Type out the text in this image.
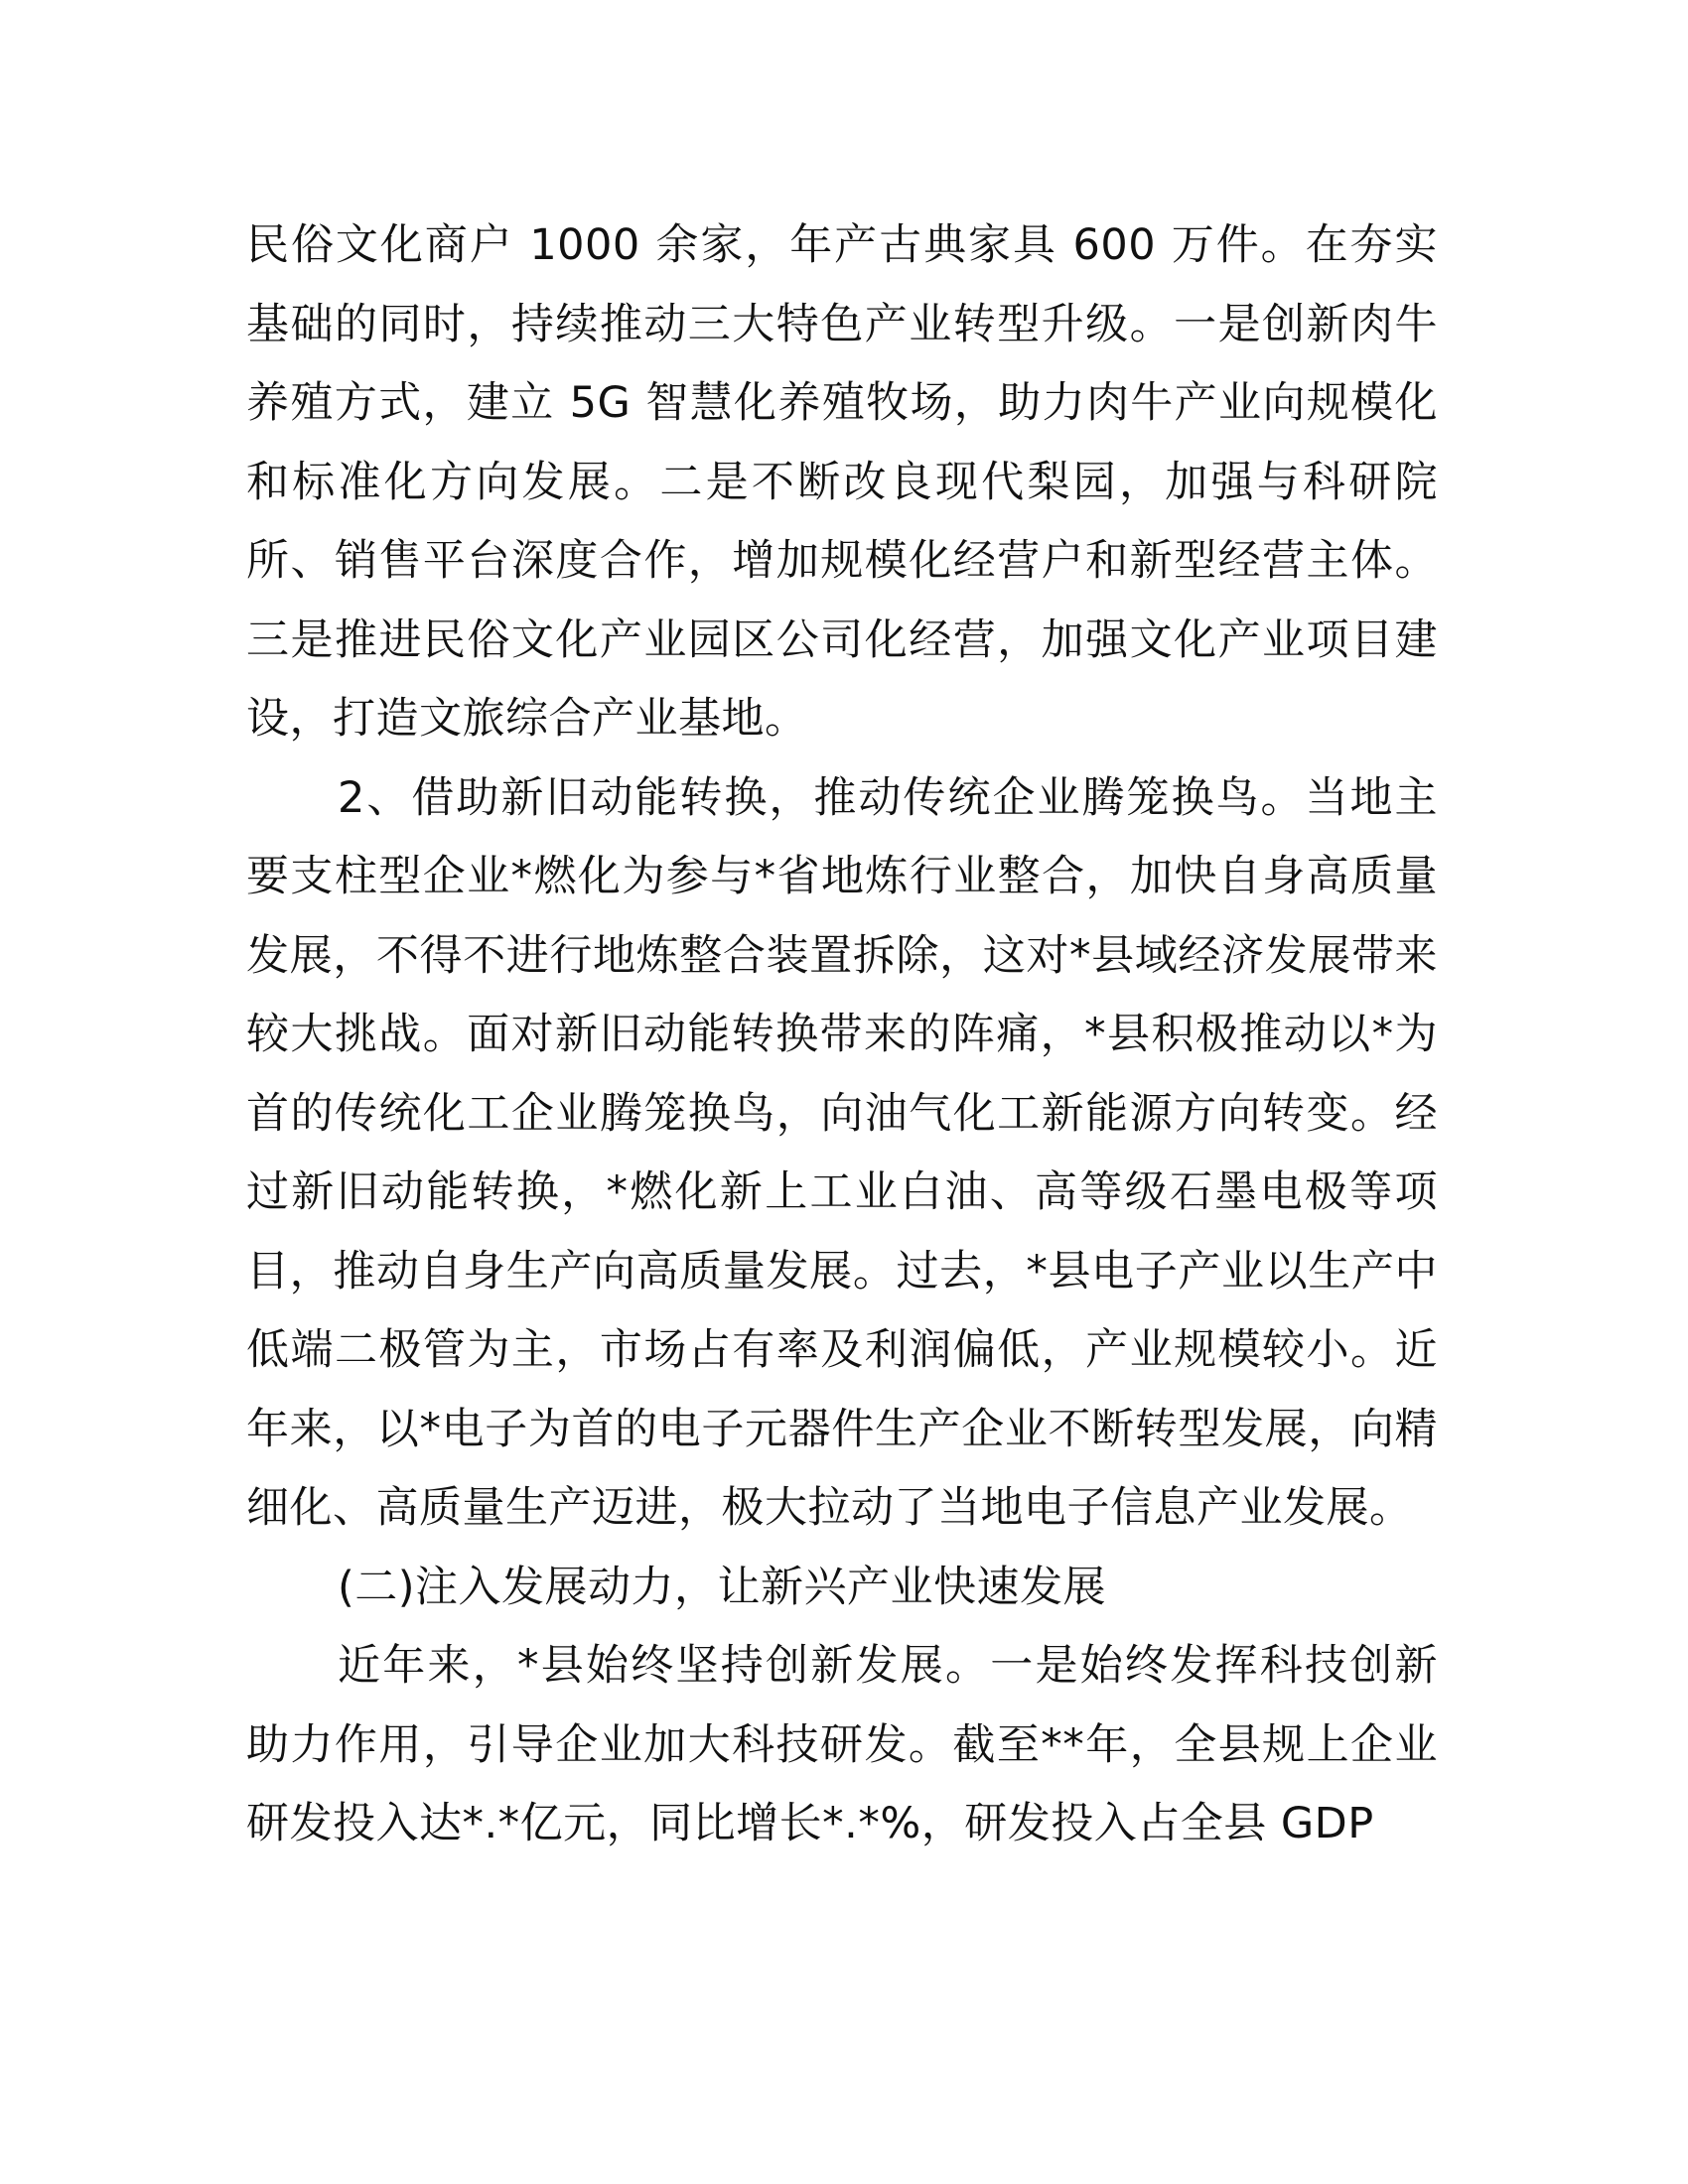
民俗文化商户 1000 余家，年产古典家具 600 万件。在夯实基础的同时，持续推动三大特色产业转型升级。一是创新肉牛养殖方式，建立 5G 智慧化养殖牧场，助力肉牛产业向规模化和标准化方向发展。二是不断改良现代梨园，加强与科研院所、销售平台深度合作，增加规模化经营户和新型经营主体。三是推进民俗文化产业园区公司化经营，加强文化产业项目建设，打造文旅综合产业基地。

2、借助新旧动能转换，推动传统企业腾笼换鸟。当地主要支柱型企业*燃化为参与*省地炼行业整合，加快自身高质量发展，不得不进行地炼整合装置拆除，这对*县域经济发展带来较大挑战。面对新旧动能转换带来的阵痛，*县积极推动以*为首的传统化工企业腾笼换鸟，向油气化工新能源方向转变。经过新旧动能转换，*燃化新上工业白油、高等级石墨电极等项目，推动自身生产向高质量发展。过去，*县电子产业以生产中低端二极管为主，市场占有率及利润偏低，产业规模较小。近年来，以*电子为首的电子元器件生产企业不断转型发展，向精细化、高质量生产迈进，极大拉动了当地电子信息产业发展。

(二)注入发展动力，让新兴产业快速发展

近年来，*县始终坚持创新发展。一是始终发挥科技创新助力作用，引导企业加大科技研发。截至**年，全县规上企业研发投入达*.*亿元，同比增长*.*%，研发投入占全县 GDP
